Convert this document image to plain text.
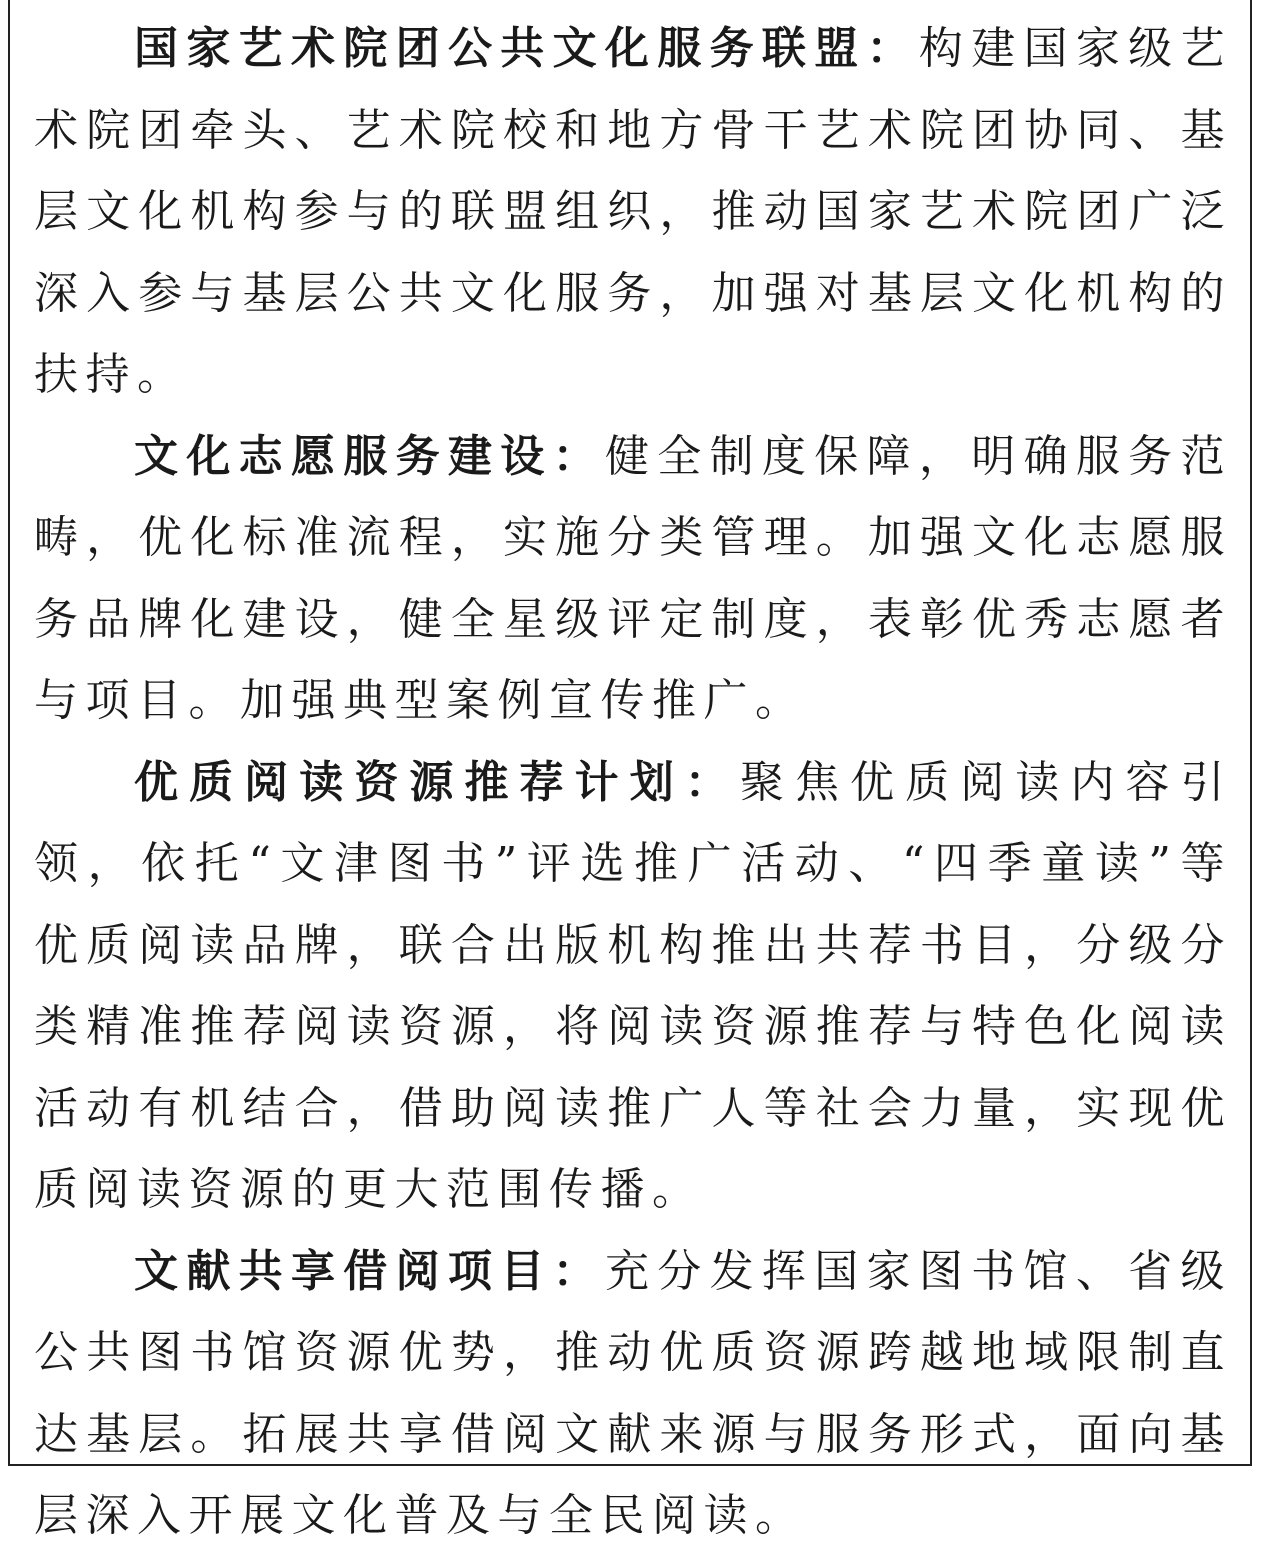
国家艺术院团公共文化服务联盟：构建国家级艺术院团牵头、艺术院校和地方骨干艺术院团协同、基层文化机构参与的联盟组织，推动国家艺术院团广泛深入参与基层公共文化服务，加强对基层文化机构的扶持。

文化志愿服务建设：健全制度保障，明确服务范畴，优化标准流程，实施分类管理。加强文化志愿服务品牌化建设，健全星级评定制度，表彰优秀志愿者与项目。加强典型案例宣传推广。

优质阅读资源推荐计划：聚焦优质阅读内容引领，依托“文津图书”评选推广活动、“四季童读”等优质阅读品牌，联合出版机构推出共荐书目，分级分类精准推荐阅读资源，将阅读资源推荐与特色化阅读活动有机结合，借助阅读推广人等社会力量，实现优质阅读资源的更大范围传播。

文献共享借阅项目：充分发挥国家图书馆、省级公共图书馆资源优势，推动优质资源跨越地域限制直达基层。拓展共享借阅文献来源与服务形式，面向基层深入开展文化普及与全民阅读。
